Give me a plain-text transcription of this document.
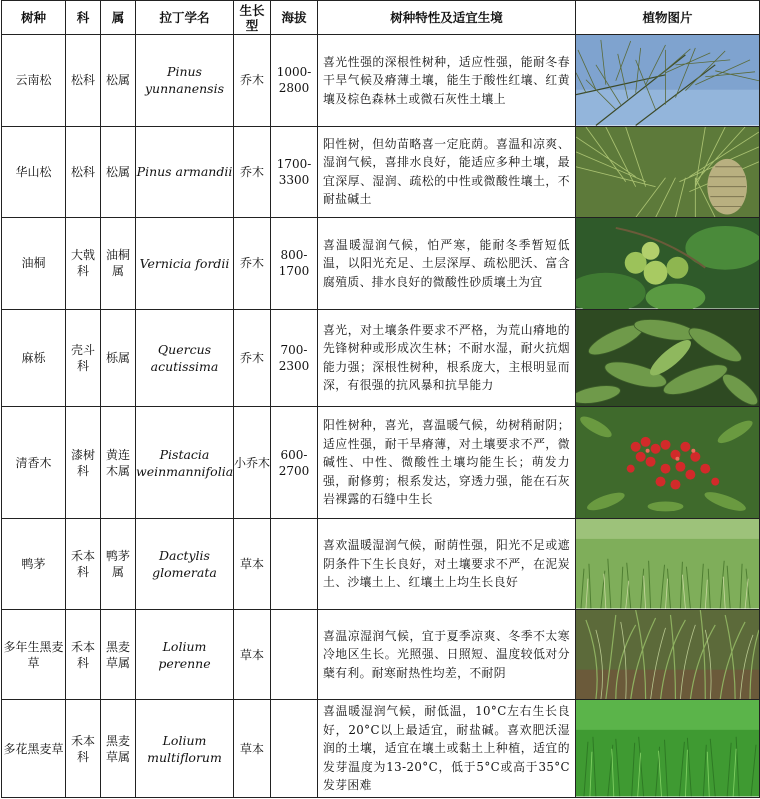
树种	科	属	拉丁学名	生长型	海拔	树种特性及适宜生境	植物图片
云南松	松科	松属	Pinus yunnanensis	乔木	1000-2800	喜光性强的深根性树种，适应性强，能耐冬春干旱气候及瘠薄土壤，能生于酸性红壤、红黄壤及棕色森林土或微石灰性土壤上	

华山松	松科	松属	Pinus armandii	乔木	1700-3300	阳性树，但幼苗略喜一定庇荫。喜温和凉爽、湿润气候，喜排水良好，能适应多种土壤，最宜深厚、湿润、疏松的中性或微酸性壤土，不耐盐碱土	

油桐	大戟科	油桐属	Vernicia fordii	乔木	800-1700	喜温暖湿润气候，怕严寒，能耐冬季暂短低温，以阳光充足、土层深厚、疏松肥沃、富含腐殖质、排水良好的微酸性砂质壤土为宜	

麻栎	壳斗科	栎属	Quercus acutissima	乔木	700-2300	喜光，对土壤条件要求不严格，为荒山瘠地的先锋树种或形成次生林；不耐水湿，耐火抗烟能力强；深根性树种，根系庞大，主根明显而深，有很强的抗风暴和抗旱能力	

清香木	漆树科	黄连木属	Pistacia weinmannifolia	小乔木	600-2700	阳性树种，喜光，喜温暖气候，幼树稍耐阴；适应性强，耐干旱瘠薄，对土壤要求不严，微碱性、中性、微酸性土壤均能生长；萌发力强，耐修剪；根系发达，穿透力强，能在石灰岩裸露的石缝中生长	

鸭茅	禾本科	鸭茅属	Dactylis glomerata	草本		喜欢温暖湿润气候，耐荫性强，阳光不足或遮阴条件下生长良好，对土壤要求不严，在泥炭土、沙壤土上、红壤土上均生长良好	

多年生黑麦草	禾本科	黑麦草属	Lolium perenne	草本		喜温凉湿润气候，宜于夏季凉爽、冬季不太寒冷地区生长。光照强、日照短、温度较低对分蘖有利。耐寒耐热性均差，不耐阴	

多花黑麦草	禾本科	黑麦草属	Lolium multiflorum	草本		喜温暖湿润气候，耐低温，10°C左右生长良好，20°C以上最适宜，耐盐碱。喜欢肥沃湿润的土壤，适宜在壤土或黏土上种植，适宜的发芽温度为13-20°C，低于5°C或高于35°C发芽困难	
